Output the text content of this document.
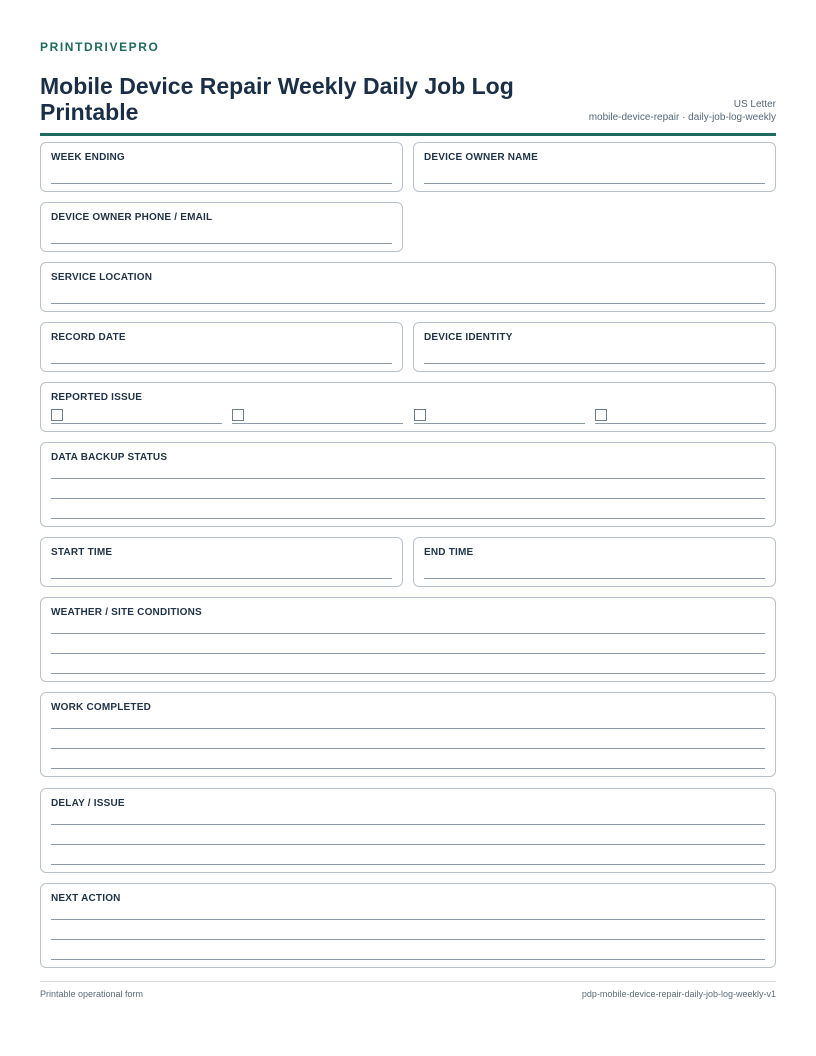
PRINTDRIVEPRO
Mobile Device Repair Weekly Daily Job Log Printable	US Letter
mobile-device-repair · daily-job-log-weekly
WEEK ENDING	DEVICE OWNER NAME
DEVICE OWNER PHONE / EMAIL
SERVICE LOCATION
RECORD DATE	DEVICE IDENTITY
REPORTED ISSUE
DATA BACKUP STATUS
START TIME	END TIME
WEATHER / SITE CONDITIONS
WORK COMPLETED
DELAY / ISSUE
NEXT ACTION
Printable operational form	pdp-mobile-device-repair-daily-job-log-weekly-v1
